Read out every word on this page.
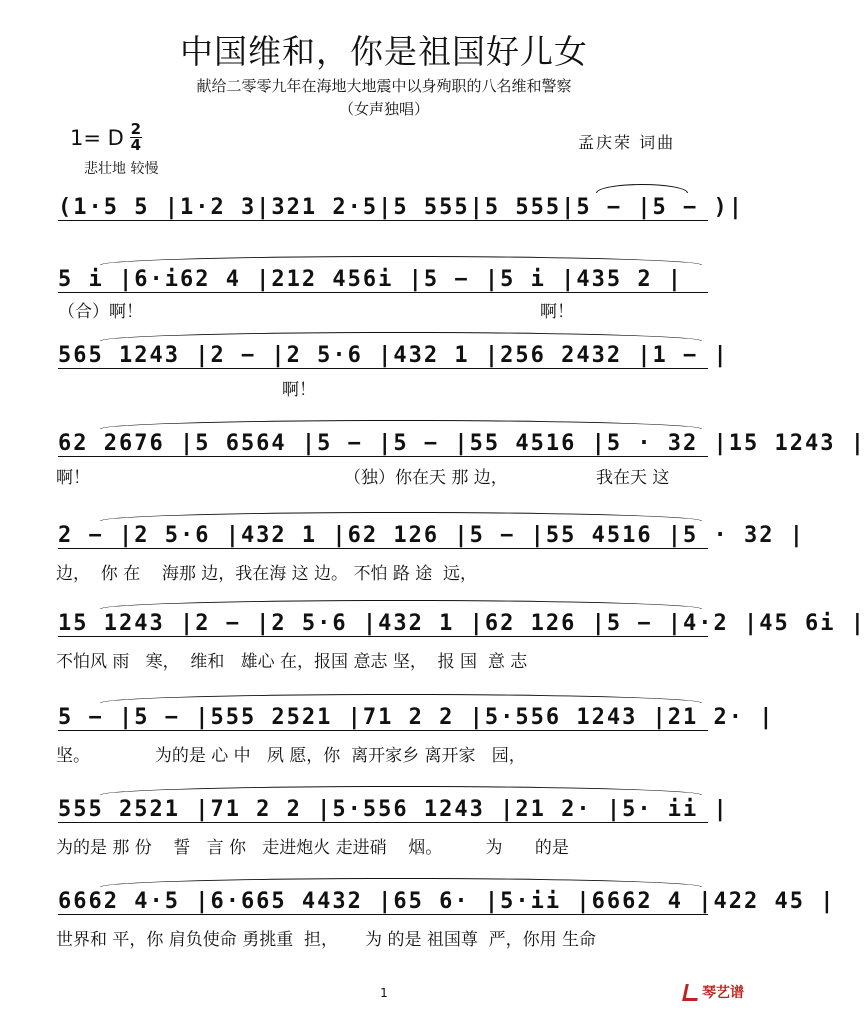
中国维和，你是祖国好儿女
献给二零零九年在海地大地震中以身殉职的八名维和警察
（女声独唱）
1= D 2
4
悲壮地 较慢
孟庆荣 词曲
(1·5 5 |1·2 3|321 2·5|5 555|5 555|5 − |5 − )|
5 i |6·i62 4 |212 456i |5 − |5 i |435 2 |
（合）啊！	啊！
565 1243 |2 − |2 5·6 |432 1 |256 2432 |1 − |
啊！
62 2676 |5 6564 |5 − |5 − |55 4516 |5 · 32 |15 1243 |
啊！	（独）你在天 那 边，	我在天 这
2 − |2 5·6 |432 1 |62 126 |5 − |55 4516 |5 · 32 |
边，  你 在    海那 边，我在海 这 边。 不怕 路 途  远，
15 1243 |2 − |2 5·6 |432 1 |62 126 |5 − |4·2 |45 6i |
不怕风 雨   寒，  维和   雄心 在，报国 意志 坚，  报 国  意 志
5 − |5 − |555 2521 |71 2 2 |5·556 1243 |21 2· |
坚。            为的是 心 中   夙 愿，你  离开家乡 离开家   园，
555 2521 |71 2 2 |5·556 1243 |21 2· |5· ii |
为的是 那 份    誓   言 你   走进炮火 走进硝    烟。        为      的是
6662 4·5 |6·665 4432 |65 6· |5·ii |6662 4 |422 45 |
世界和 平，你 肩负使命 勇挑重  担，     为 的是 祖国尊  严，你用 生命
1	琴艺谱
